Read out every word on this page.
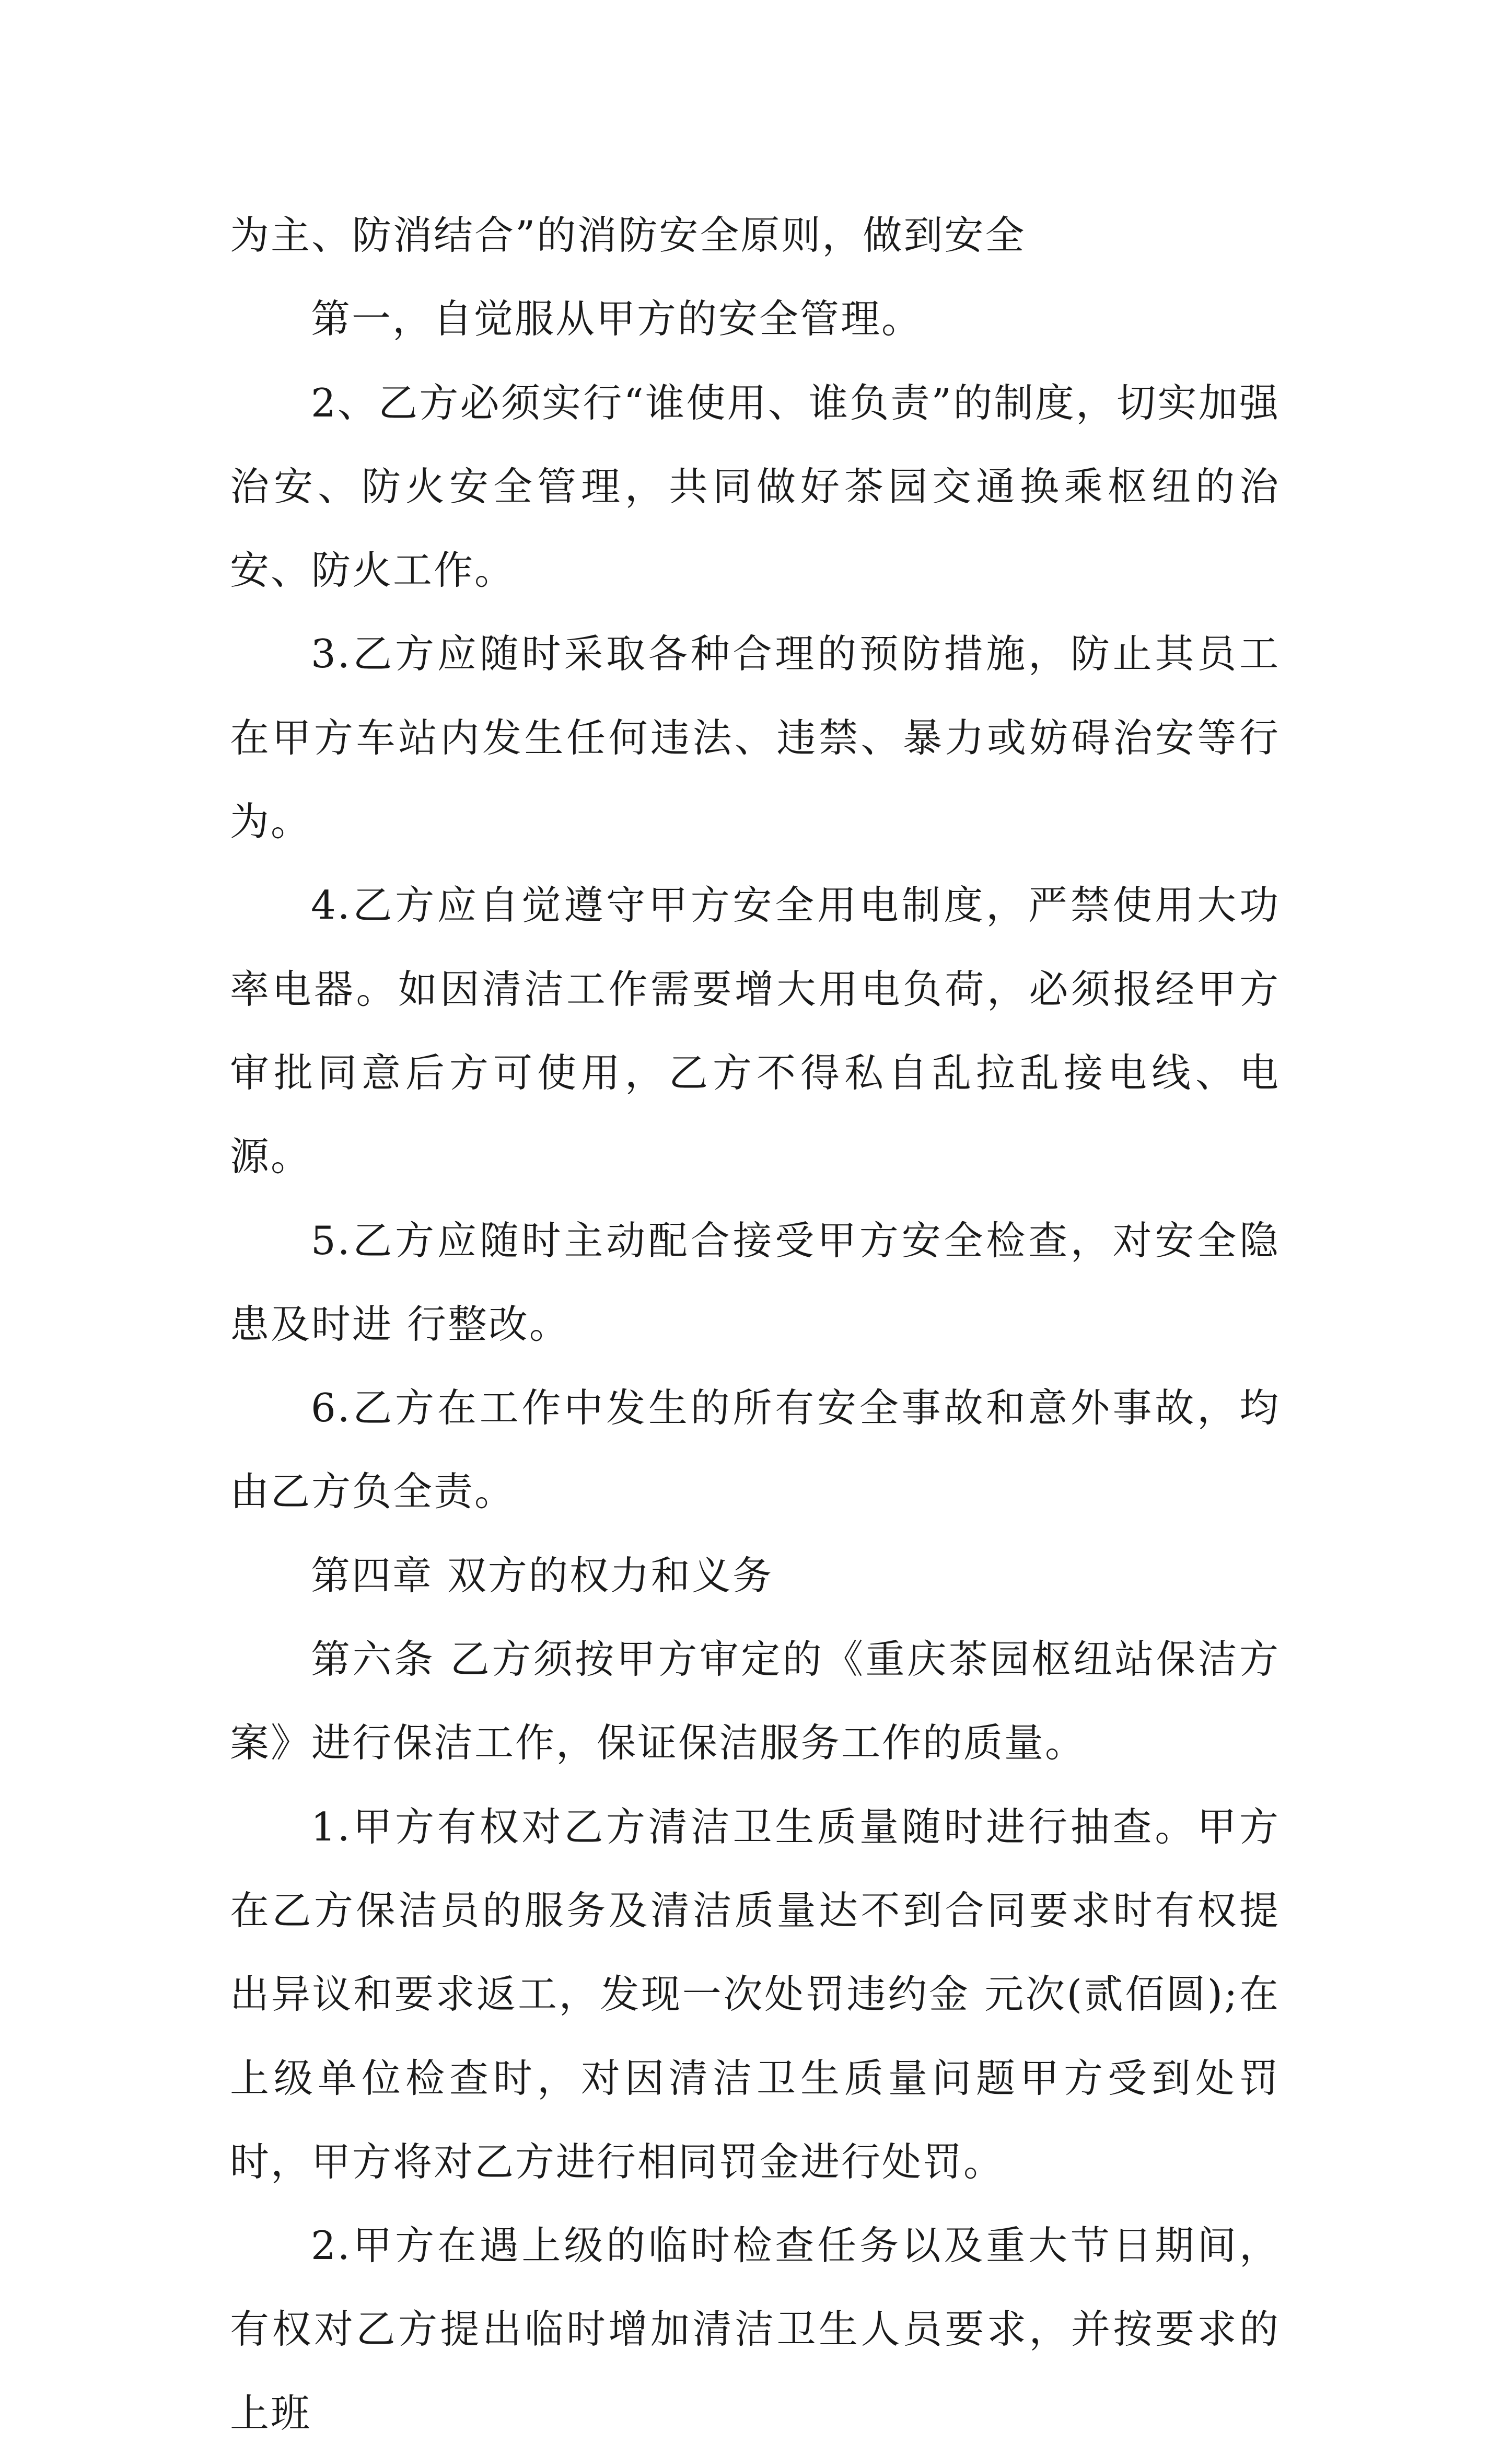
为主、防消结合”的消防安全原则，做到安全

第一，自觉服从甲方的安全管理。

2、乙方必须实行“谁使用、谁负责”的制度，切实加强治安、防火安全管理，共同做好茶园交通换乘枢纽的治安、防火工作。

3.乙方应随时采取各种合理的预防措施，防止其员工在甲方车站内发生任何违法、违禁、暴力或妨碍治安等行为。

4.乙方应自觉遵守甲方安全用电制度，严禁使用大功率电器。如因清洁工作需要增大用电负荷，必须报经甲方审批同意后方可使用，乙方不得私自乱拉乱接电线、电源。

5.乙方应随时主动配合接受甲方安全检查，对安全隐患及时进 行整改。

6.乙方在工作中发生的所有安全事故和意外事故，均由乙方负全责。

第四章 双方的权力和义务

第六条 乙方须按甲方审定的《重庆茶园枢纽站保洁方案》进行保洁工作，保证保洁服务工作的质量。

1.甲方有权对乙方清洁卫生质量随时进行抽查。甲方在乙方保洁员的服务及清洁质量达不到合同要求时有权提出异议和要求返工，发现一次处罚违约金 元次(贰佰圆);在上级单位检查时，对因清洁卫生质量问题甲方受到处罚时，甲方将对乙方进行相同罚金进行处罚。

2.甲方在遇上级的临时检查任务以及重大节日期间，有权对乙方提出临时增加清洁卫生人员要求，并按要求的上班
